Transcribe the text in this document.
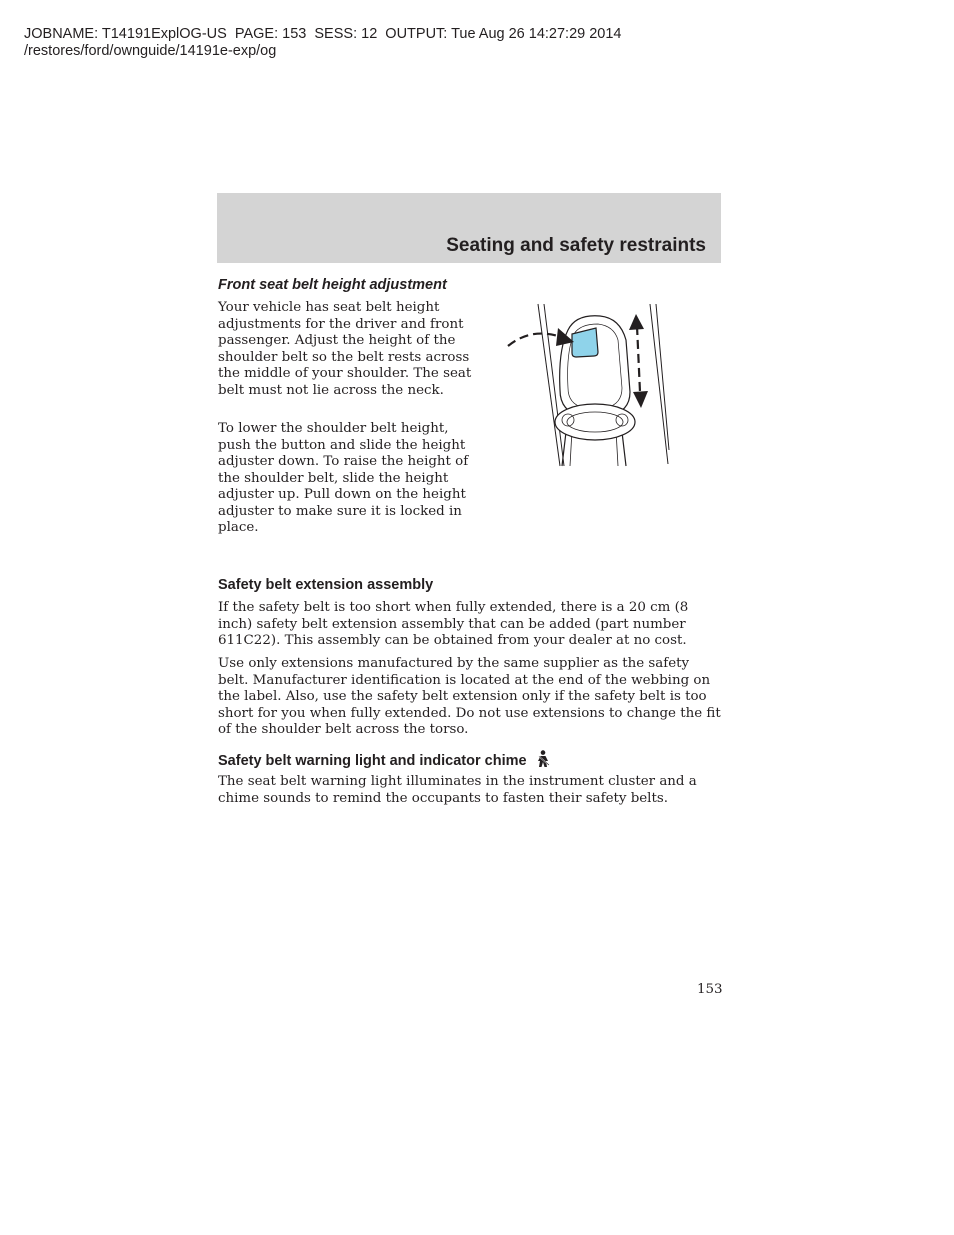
JOBNAME: T14191ExplOG-US  PAGE: 153  SESS: 12  OUTPUT: Tue Aug 26 14:27:29 2014
/restores/ford/ownguide/14191e-exp/og
Seating and safety restraints
Front seat belt height adjustment

Your vehicle has seat belt height adjustments for the driver and front passenger. Adjust the height of the shoulder belt so the belt rests across the middle of your shoulder. The seat belt must not lie across the neck.

To lower the shoulder belt height, push the button and slide the height adjuster down. To raise the height of the shoulder belt, slide the height adjuster up. Pull down on the height adjuster to make sure it is locked in place.

Safety belt extension assembly

If the safety belt is too short when fully extended, there is a 20 cm (8 inch) safety belt extension assembly that can be added (part number 611C22). This assembly can be obtained from your dealer at no cost.

Use only extensions manufactured by the same supplier as the safety belt. Manufacturer identification is located at the end of the webbing on the label. Also, use the safety belt extension only if the safety belt is too short for you when fully extended. Do not use extensions to change the fit of the shoulder belt across the torso.

Safety belt warning light and indicator chime

The seat belt warning light illuminates in the instrument cluster and a chime sounds to remind the occupants to fasten their safety belts.

153
